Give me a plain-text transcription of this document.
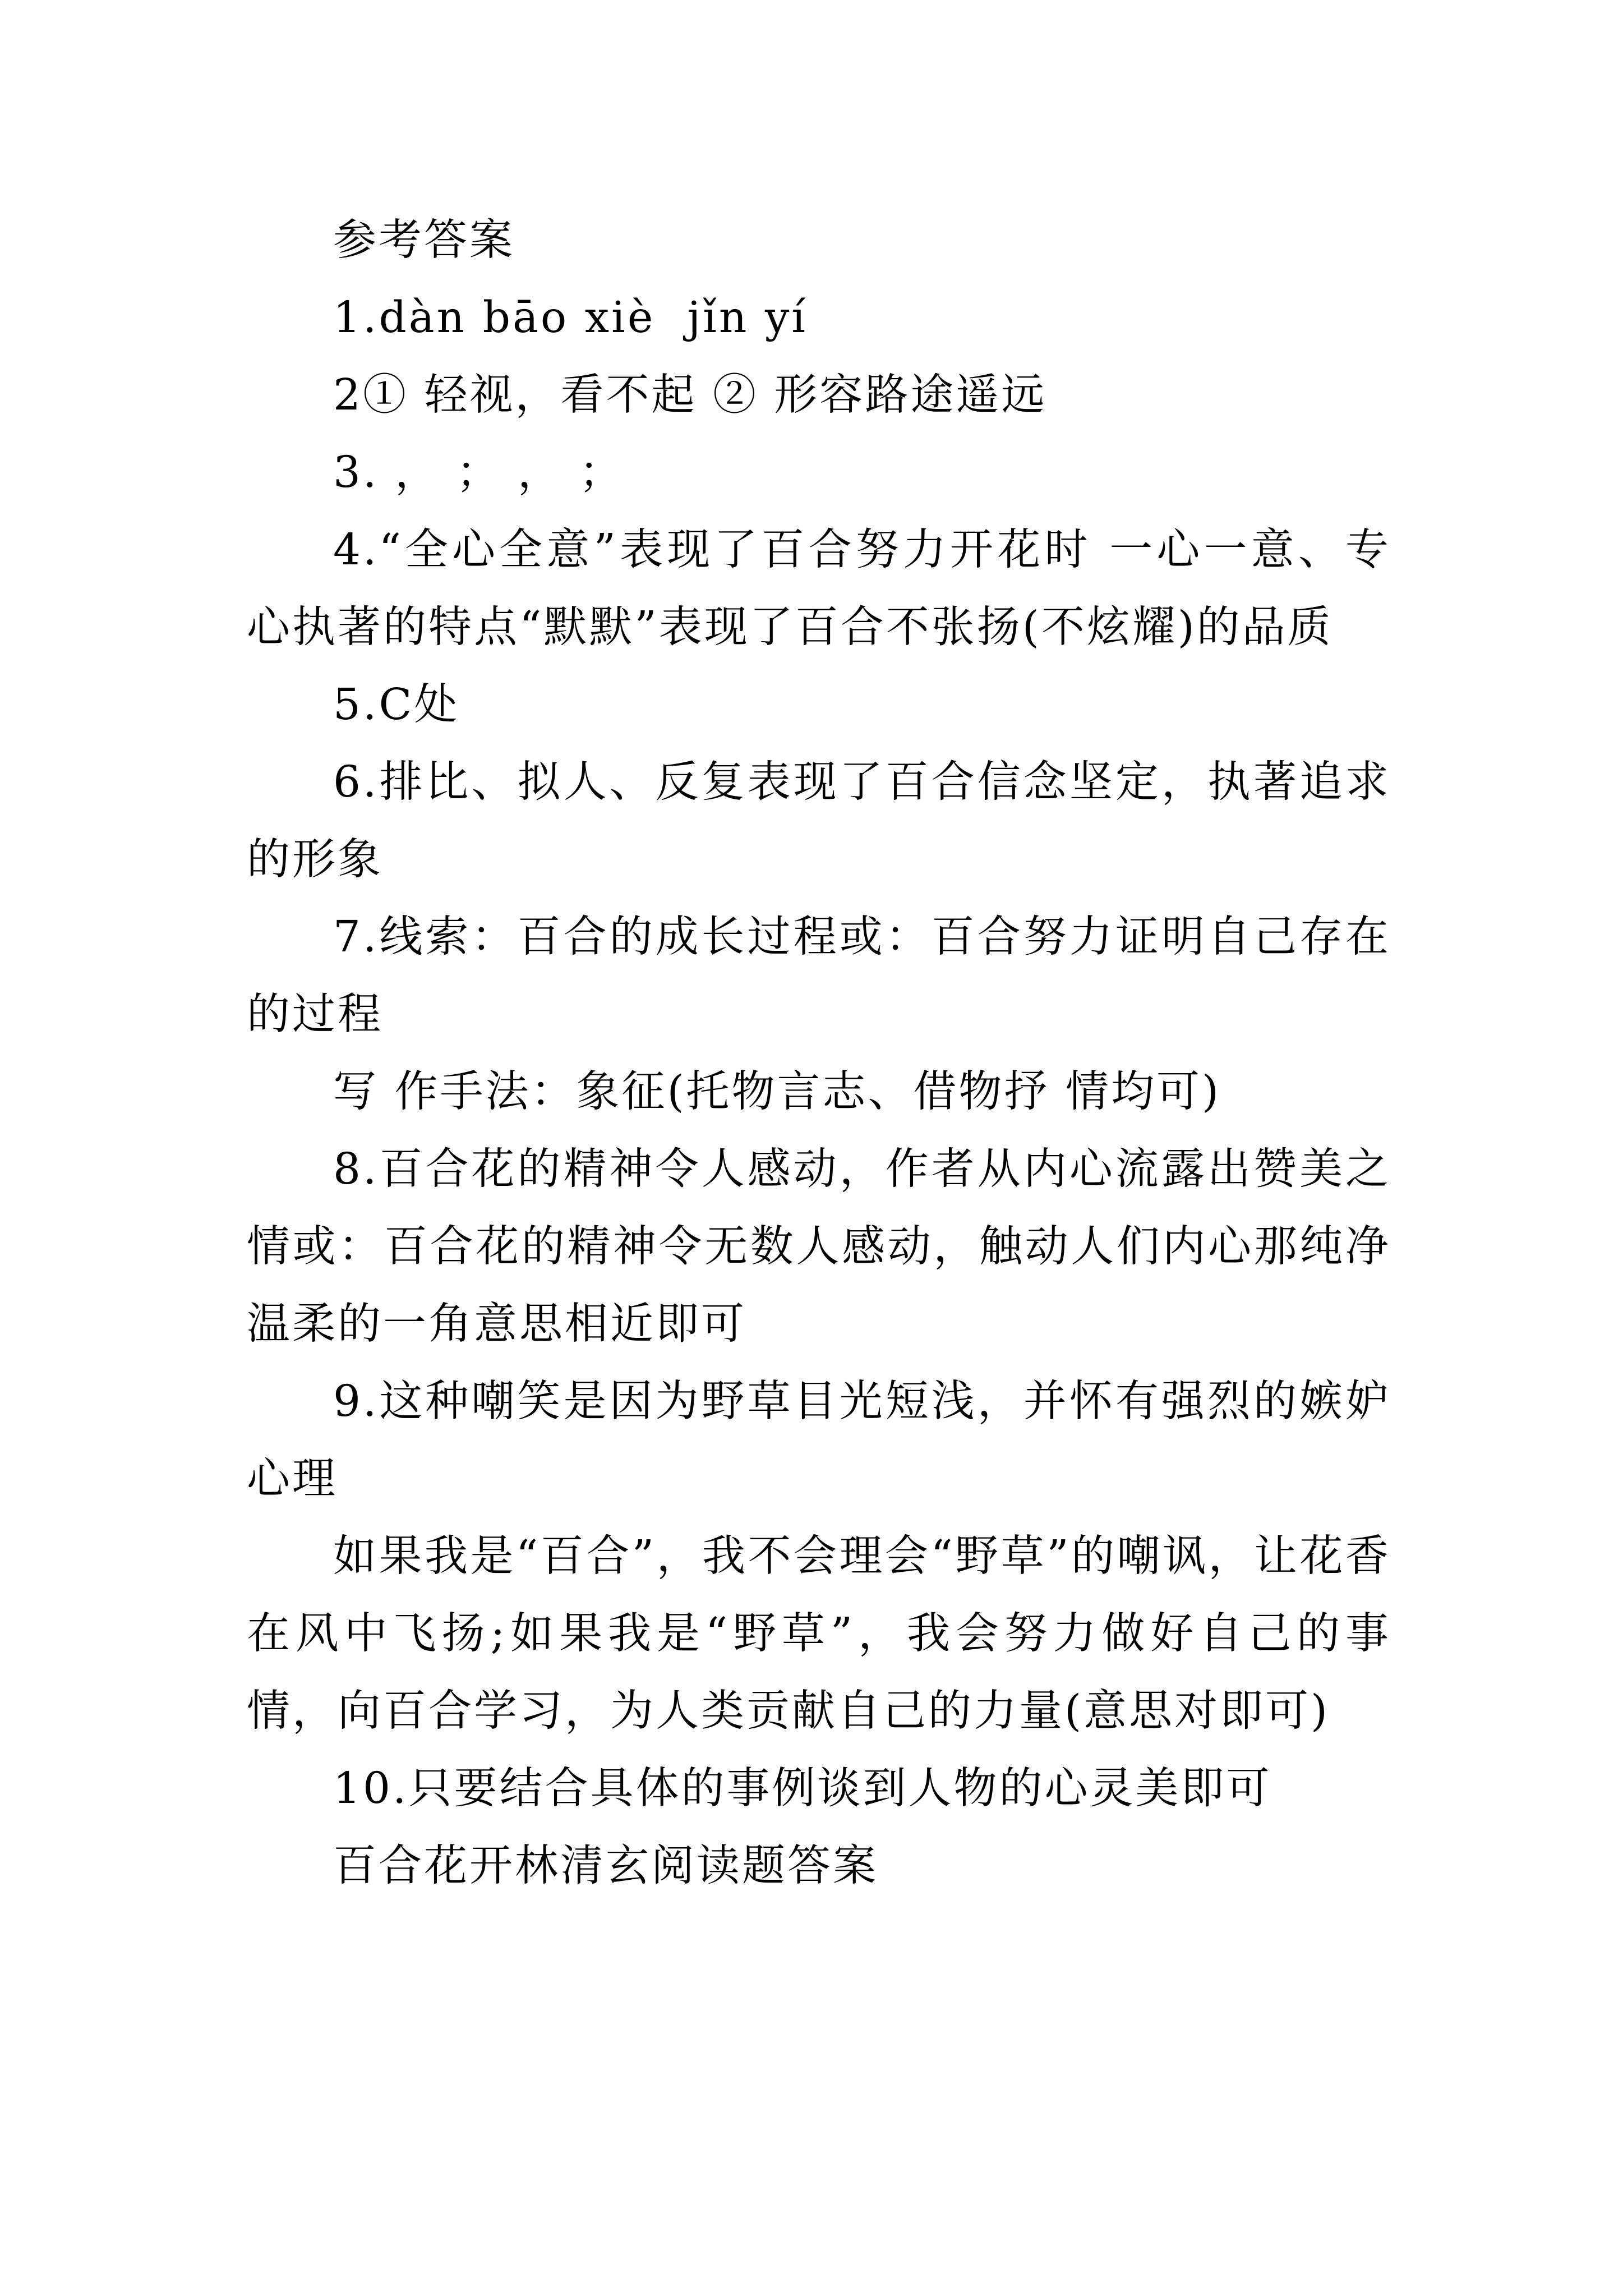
参考答案

1.dàn bāo xiè  jǐn yí

2① 轻视，看不起 ② 形容路途遥远

3. ， ； ， ；

4.“全心全意”表现了百合努力开花时 一心一意、专心执著的特点“默默”表现了百合不张扬(不炫耀)的品质

5.C处

6.排比、拟人、反复表现了百合信念坚定，执著追求的形象

7.线索：百合的成长过程或：百合努力证明自己存在的过程

写 作手法：象征(托物言志、借物抒 情均可)

8.百合花的精神令人感动，作者从内心流露出赞美之情或：百合花的精神令无数人感动，触动人们内心那纯净温柔的一角意思相近即可

9.这种嘲笑是因为野草目光短浅，并怀有强烈的嫉妒心理

如果我是“百合”，我不会理会“野草”的嘲讽，让花香在风中飞扬;如果我是“野草”，我会努力做好自己的事情，向百合学习，为人类贡献自己的力量(意思对即可)

10.只要结合具体的事例谈到人物的心灵美即可

百合花开林清玄阅读题答案
